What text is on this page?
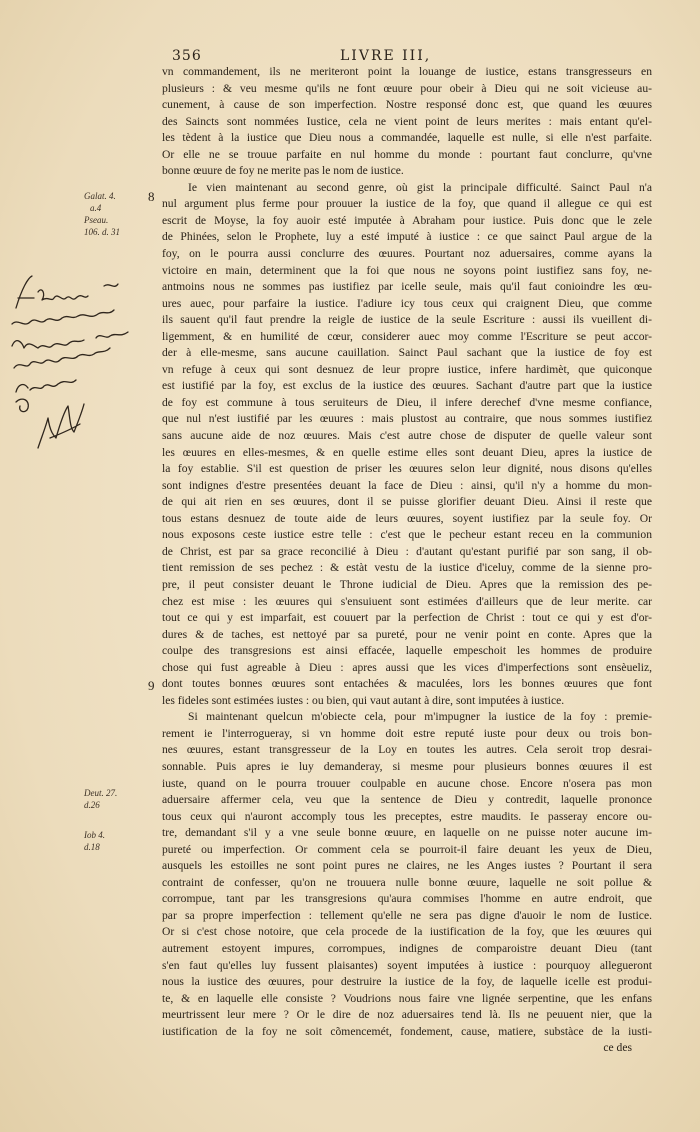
356	LIVRE III,
8
9
Galat. 4.
a.4
Pseau.
106. d. 31
Deut. 27.
d.26
Iob 4.
d.18
vn commandement, ils ne meriteront point la louange de iustice, estans transgresseurs en
plusieurs : & veu mesme qu'ils ne font œuure pour obeir à Dieu qui ne soit vicieuse au-
cunement, à cause de son imperfection. Nostre responsé donc est, que quand les œuures
des Saincts sont nommées Iustice, cela ne vient point de leurs merites : mais entant qu'el-
les tèdent à la iustice que Dieu nous a commandée, laquelle est nulle, si elle n'est parfaite.
Or elle ne se trouue parfaite en nul homme du monde : pourtant faut conclurre, qu'vne
bonne œuure de foy ne merite pas le nom de iustice.
Ie vien maintenant au second genre, où gist la principale difficulté. Sainct Paul n'a
nul argument plus ferme pour prouuer la iustice de la foy, que quand il allegue ce qui est
escrit de Moyse, la foy auoir esté imputée à Abraham pour iustice. Puis donc que le zele
de Phinées, selon le Prophete, luy a esté imputé à iustice : ce que sainct Paul argue de la
foy, on le pourra aussi conclurre des œuures. Pourtant noz aduersaires, comme ayans la
victoire en main, determinent que la foi que nous ne soyons point iustifiez sans foy, ne-
antmoins nous ne sommes pas iustifiez par icelle seule, mais qu'il faut conioindre les œu-
ures auec, pour parfaire la iustice. I'adiure icy tous ceux qui craignent Dieu, que comme
ils sauent qu'il faut prendre la reigle de iustice de la seule Escriture : aussi ils vueillent di-
ligemment, & en humilité de cœur, considerer auec moy comme l'Escriture se peut accor-
der à elle-mesme, sans aucune cauillation. Sainct Paul sachant que la iustice de foy est
vn refuge à ceux qui sont desnuez de leur propre iustice, infere hardimèt, que quiconque
est iustifié par la foy, est exclus de la iustice des œuures. Sachant d'autre part que la iustice
de foy est commune à tous seruiteurs de Dieu, il infere derechef d'vne mesme confiance,
que nul n'est iustifié par les œuures : mais plustost au contraire, que nous sommes iustifiez
sans aucune aide de noz œuures. Mais c'est autre chose de disputer de quelle valeur sont
les œuures en elles-mesmes, & en quelle estime elles sont deuant Dieu, apres la iustice de
la foy establie. S'il est question de priser les œuures selon leur dignité, nous disons qu'elles
sont indignes d'estre presentées deuant la face de Dieu : ainsi, qu'il n'y a homme du mon-
de qui ait rien en ses œuures, dont il se puisse glorifier deuant Dieu. Ainsi il reste que
tous estans desnuez de toute aide de leurs œuures, soyent iustifiez par la seule foy. Or
nous exposons ceste iustice estre telle : c'est que le pecheur estant receu en la communion
de Christ, est par sa grace reconcilié à Dieu : d'autant qu'estant purifié par son sang, il ob-
tient remission de ses pechez : & estàt vestu de la iustice d'iceluy, comme de la sienne pro-
pre, il peut consister deuant le Throne iudicial de Dieu. Apres que la remission des pe-
chez est mise : les œuures qui s'ensuiuent sont estimées d'ailleurs que de leur merite. car
tout ce qui y est imparfait, est couuert par la perfection de Christ : tout ce qui y est d'or-
dures & de taches, est nettoyé par sa pureté, pour ne venir point en conte. Apres que la
coulpe des transgresions est ainsi effacée, laquelle empeschoit les hommes de produire
chose qui fust agreable à Dieu : apres aussi que les vices d'imperfections sont ensèueliz,
dont toutes bonnes œuures sont entachées & maculées, lors les bonnes œuures que font
les fideles sont estimées iustes : ou bien, qui vaut autant à dire, sont imputées à iustice.
Si maintenant quelcun m'obiecte cela, pour m'impugner la iustice de la foy : premie-
rement ie l'interrogueray, si vn homme doit estre reputé iuste pour deux ou trois bon-
nes œuures, estant transgresseur de la Loy en toutes les autres. Cela seroit trop desrai-
sonnable. Puis apres ie luy demanderay, si mesme pour plusieurs bonnes œuures il est
iuste, quand on le pourra trouuer coulpable en aucune chose. Encore n'osera pas mon
aduersaire affermer cela, veu que la sentence de Dieu y contredit, laquelle prononce
tous ceux qui n'auront accomply tous les preceptes, estre maudits. Ie passeray encore ou-
tre, demandant s'il y a vne seule bonne œuure, en laquelle on ne puisse noter aucune im-
pureté ou imperfection. Or comment cela se pourroit-il faire deuant les yeux de Dieu,
ausquels les estoilles ne sont point pures ne claires, ne les Anges iustes ? Pourtant il sera
contraint de confesser, qu'on ne trouuera nulle bonne œuure, laquelle ne soit pollue &
corrompue, tant par les transgresions qu'aura commises l'homme en autre endroit, que
par sa propre imperfection : tellement qu'elle ne sera pas digne d'auoir le nom de Iustice.
Or si c'est chose notoire, que cela procede de la iustification de la foy, que les œuures qui
autrement estoyent impures, corrompues, indignes de comparoistre deuant Dieu (tant
s'en faut qu'elles luy fussent plaisantes) soyent imputées à iustice : pourquoy allegueront
nous la iustice des œuures, pour destruire la iustice de la foy, de laquelle icelle est produi-
te, & en laquelle elle consiste ? Voudrions nous faire vne lignée serpentine, que les enfans
meurtrissent leur mere ? Or le dire de noz aduersaires tend là. Ils ne peuuent nier, que la
iustification de la foy ne soit cõmencemét, fondement, cause, matiere, substàce de la iusti-
ce des
